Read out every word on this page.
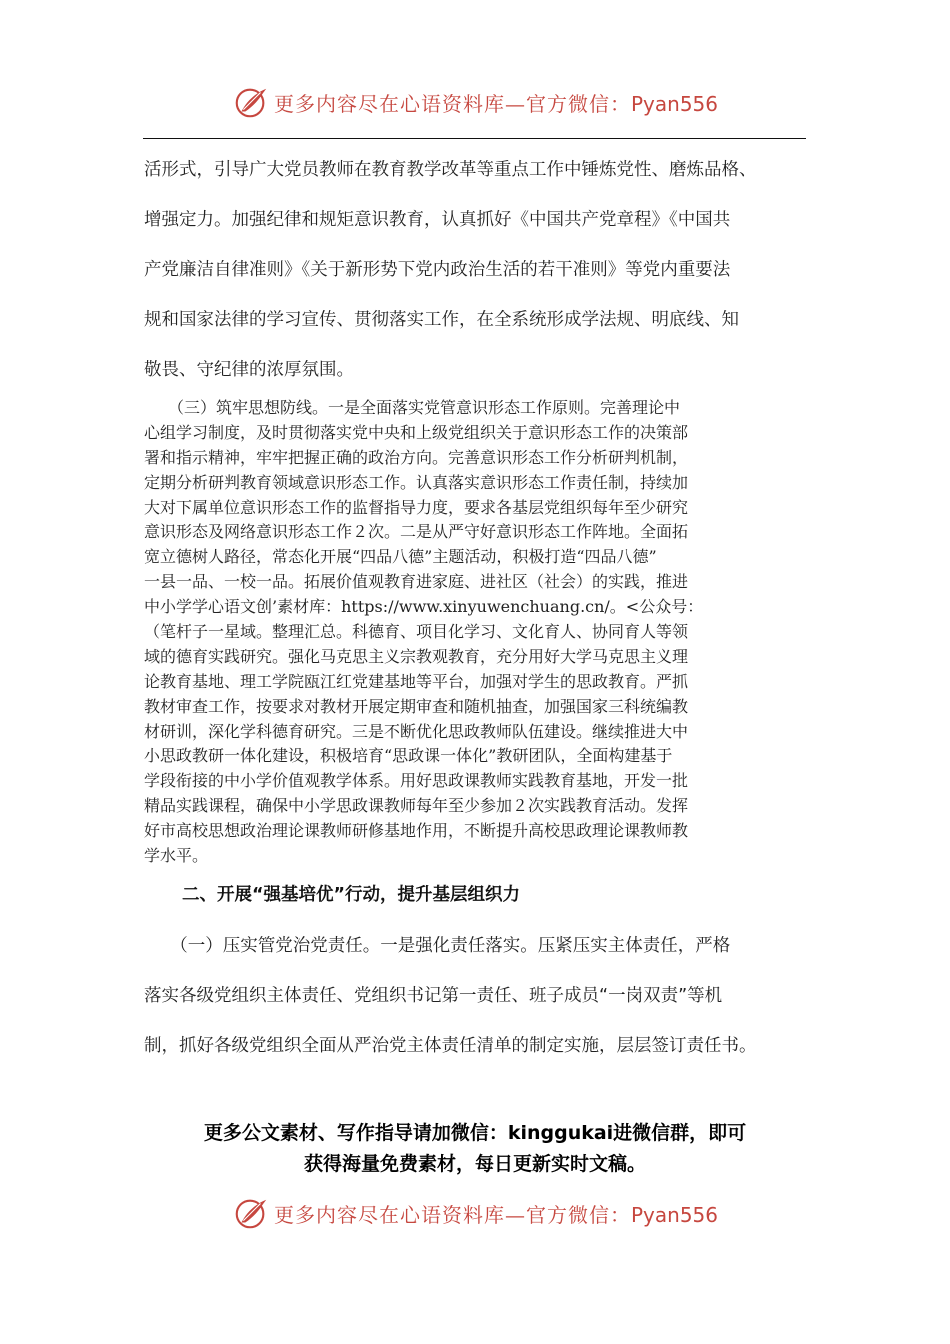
更多内容尽在心语资料库—官方微信：Pyan556
活形式，引导广大党员教师在教育教学改革等重点工作中锤炼党性、磨炼品格、
增强定力。加强纪律和规矩意识教育，认真抓好《中国共产党章程》《中国共
产党廉洁自律准则》《关于新形势下党内政治生活的若干准则》等党内重要法
规和国家法律的学习宣传、贯彻落实工作，在全系统形成学法规、明底线、知
敬畏、守纪律的浓厚氛围。
　　（三）筑牢思想防线。一是全面落实党管意识形态工作原则。完善理论中
心组学习制度，及时贯彻落实党中央和上级党组织关于意识形态工作的决策部
署和指示精神，牢牢把握正确的政治方向。完善意识形态工作分析研判机制，
定期分析研判教育领域意识形态工作。认真落实意识形态工作责任制，持续加
大对下属单位意识形态工作的监督指导力度，要求各基层党组织每年至少研究
意识形态及网络意识形态工作２次。二是从严守好意识形态工作阵地。全面拓
宽立德树人路径，常态化开展“四品八德”主题活动，积极打造“四品八德”
一县一品、一校一品。拓展价值观教育进家庭、进社区（社会）的实践，推进
中小学学心语文创’素材库：https://www.xinyuwenchuang.cn/。<公众号：
（笔杆子一星域。整理汇总。科德育、项目化学习、文化育人、协同育人等领
域的德育实践研究。强化马克思主义宗教观教育，充分用好大学马克思主义理
论教育基地、理工学院瓯江红党建基地等平台，加强对学生的思政教育。严抓
教材审查工作，按要求对教材开展定期审查和随机抽查，加强国家三科统编教
材研训，深化学科德育研究。三是不断优化思政教师队伍建设。继续推进大中
小思政教研一体化建设，积极培育“思政课一体化”教研团队，全面构建基于
学段衔接的中小学价值观教学体系。用好思政课教师实践教育基地，开发一批
精品实践课程，确保中小学思政课教师每年至少参加２次实践教育活动。发挥
好市高校思想政治理论课教师研修基地作用，不断提升高校思政理论课教师教
学水平。
二、开展“强基培优”行动，提升基层组织力
　　（一）压实管党治党责任。一是强化责任落实。压紧压实主体责任，严格
落实各级党组织主体责任、党组织书记第一责任、班子成员“一岗双责”等机
制，抓好各级党组织全面从严治党主体责任清单的制定实施，层层签订责任书。
更多公文素材、写作指导请加微信：kinggukai进微信群，即可
获得海量免费素材，每日更新实时文稿。
更多内容尽在心语资料库—官方微信：Pyan556
